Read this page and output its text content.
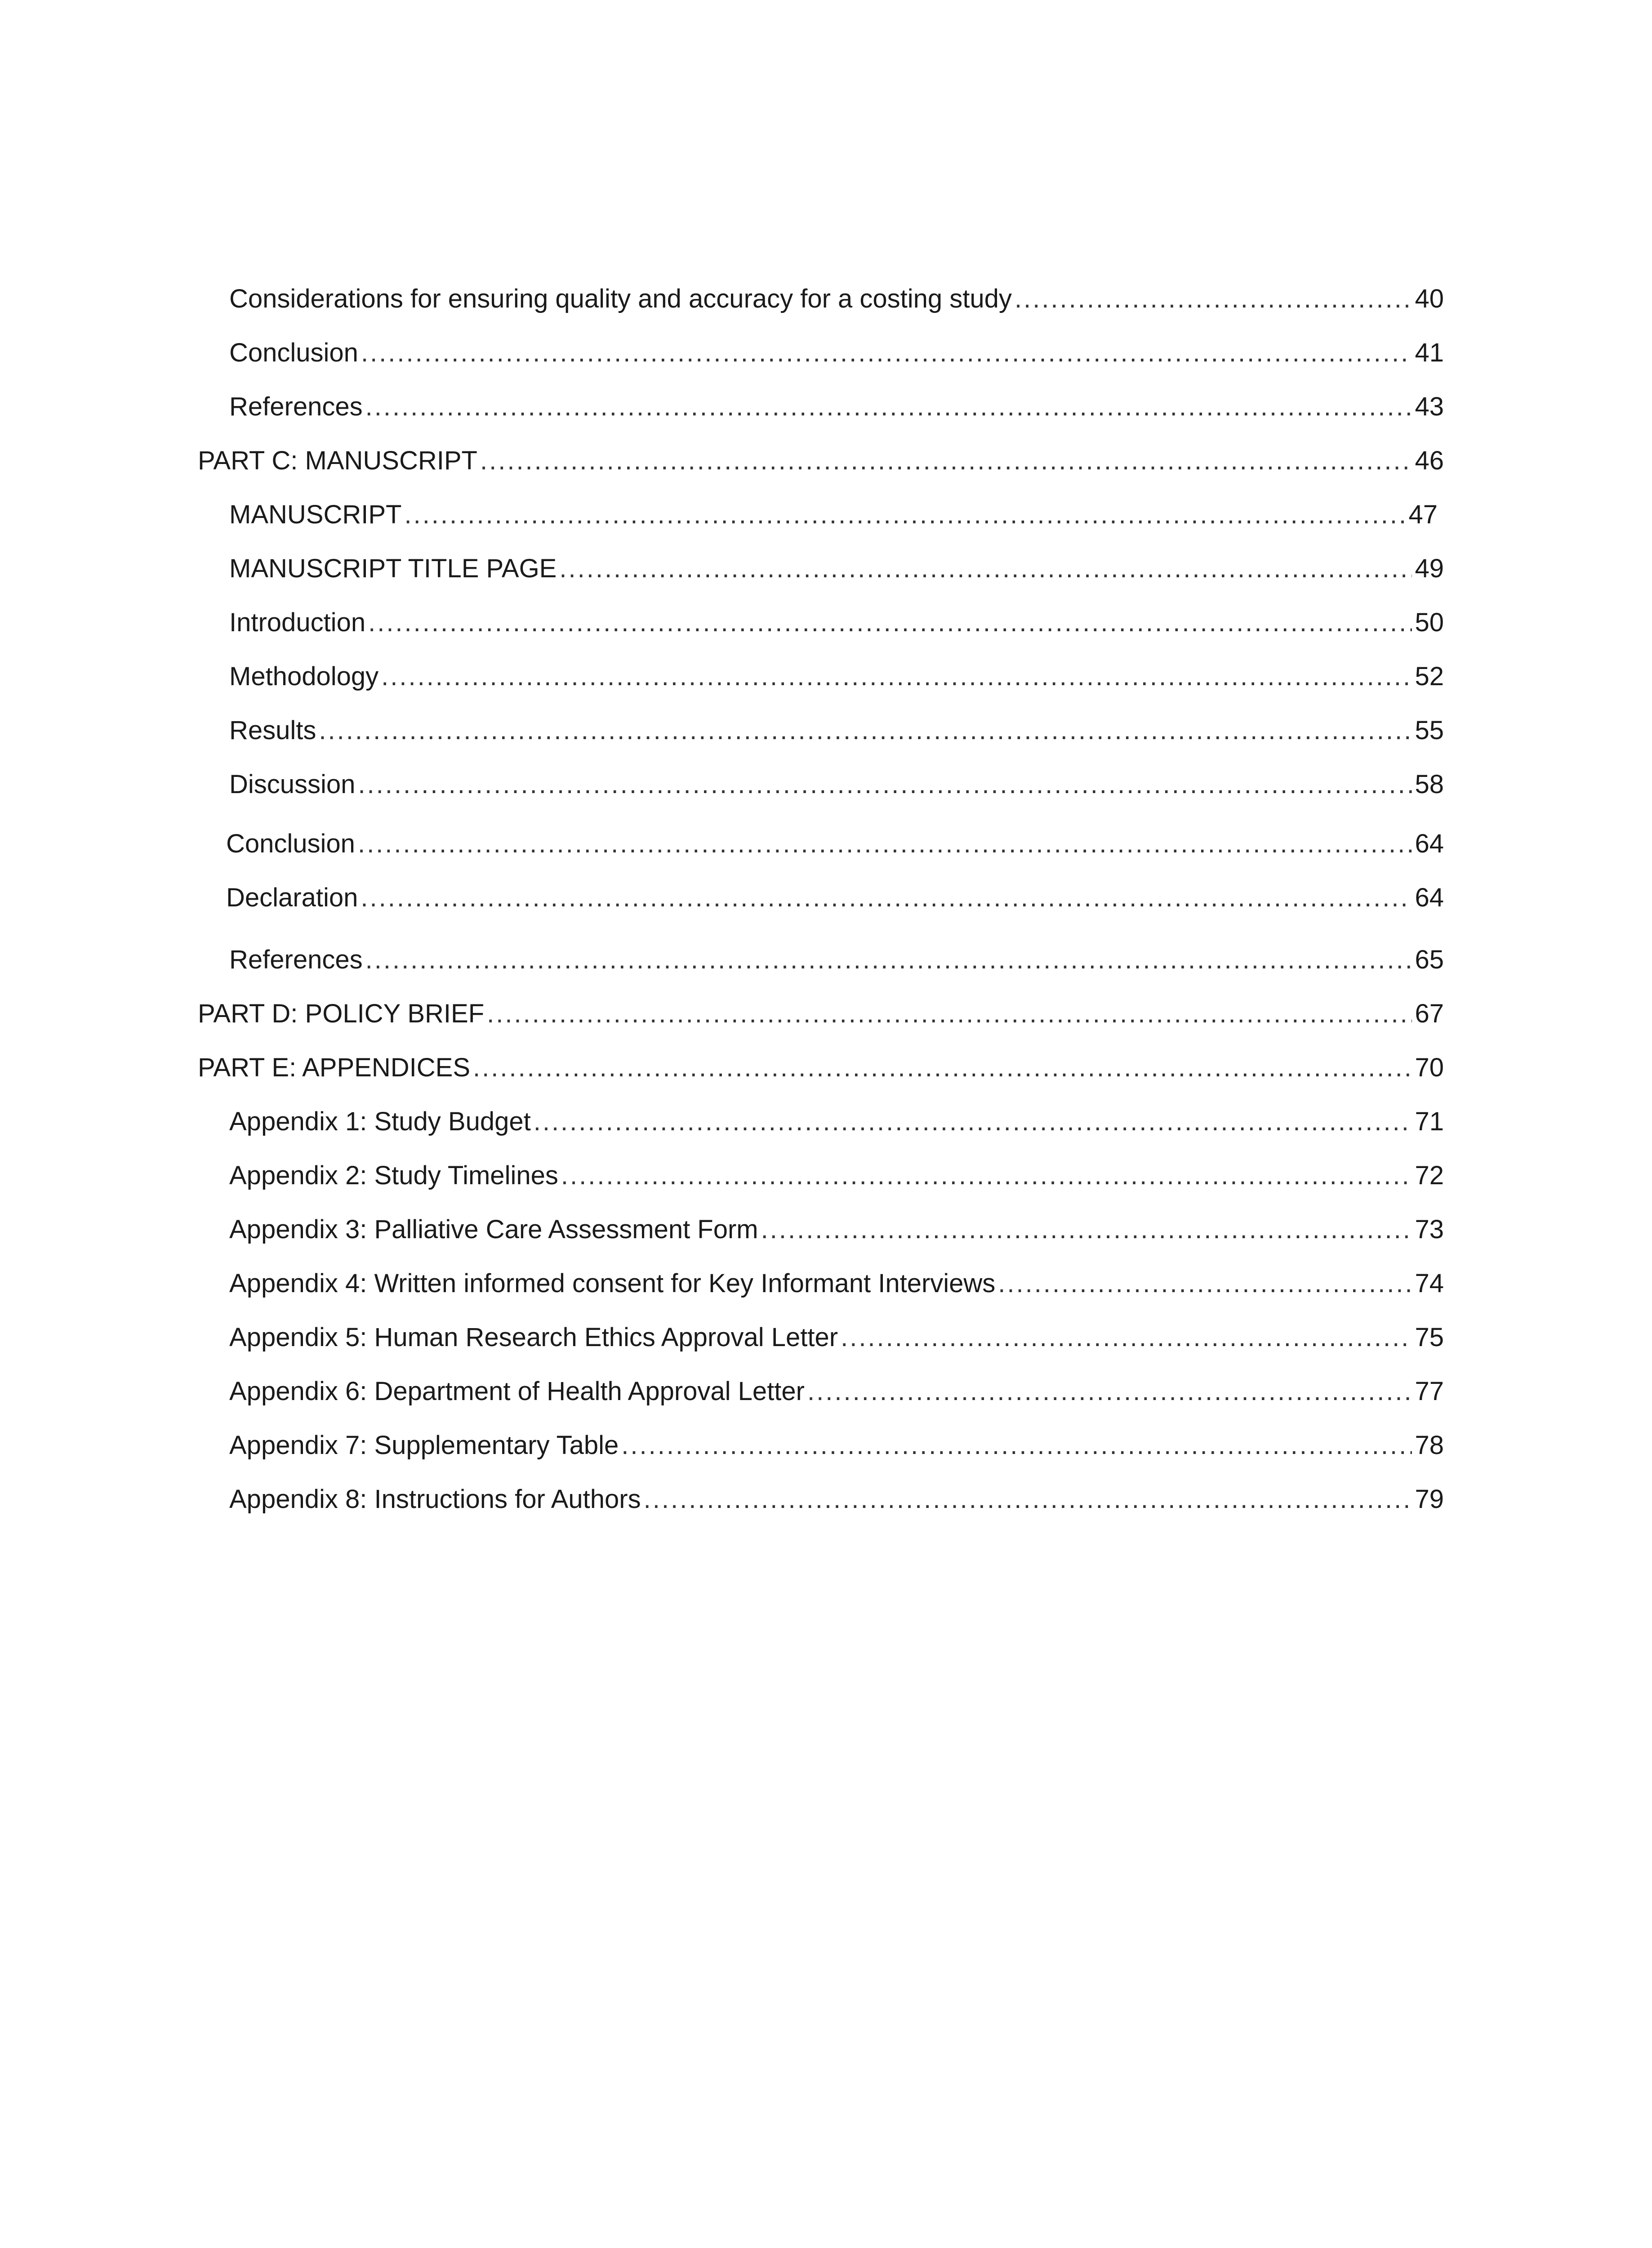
Considerations for ensuring quality and accuracy for a costing study .....	40
Conclusion .....	41
References .....	43
PART C: MANUSCRIPT .....	46
MANUSCRIPT .....	47
MANUSCRIPT TITLE PAGE .....	49
Introduction .....	50
Methodology .....	52
Results .....	55
Discussion .....	58
Conclusion .....	64
Declaration .....	64
References .....	65
PART D: POLICY BRIEF .....	67
PART E: APPENDICES .....	70
Appendix 1: Study Budget .....	71
Appendix 2: Study Timelines .....	72
Appendix 3: Palliative Care Assessment Form .....	73
Appendix 4: Written informed consent for Key Informant Interviews .....	74
Appendix 5: Human Research Ethics Approval Letter .....	75
Appendix 6: Department of Health Approval Letter .....	77
Appendix 7: Supplementary Table .....	78
Appendix 8: Instructions for Authors .....	79
